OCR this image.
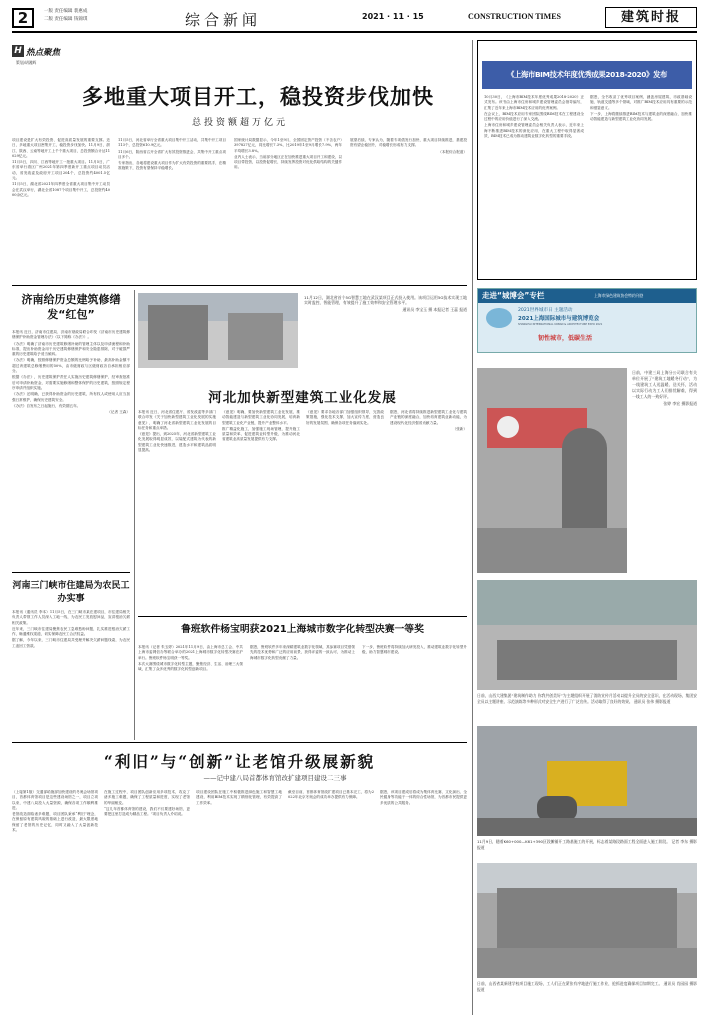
2	一版 责任编辑 裴惠成
二版 责任编辑 钱锦琪	综合新闻	2021 · 11 · 15	CONSTRUCTION TIMES	建筑时报
H 热点聚焦
策划/胡湘辉
多地重大项目开工，稳投资步伐加快
总投资额超万亿元

项目建设是扩大有效投资、促进高质量发展的重要支撑。近日，多地重大项目密集开工，稳投资步伐加快。11月9日，浙江、陕西、云南等地开工上千个重大项目，总投资额合计达11029亿元。

11月5日，四川、江西等地开工一批重大项目。11月5日，广东省举行湾区广州2021年第四季度新开工重点项目动员活动，省发改委及政府开工项目204个，总投资约4001.5亿元。

11月5日，湖北省2021年四季度全省重大项目集中开工动员会在武汉举行，湖北全省1087个项目集中开工，总投资约4000余亿元。

11月5日，河北省举行全省重大项目集中开工活动，共集中开工项目113个，总投资610.9亿元。

11月6日，陕西省召开全省扩大有效投资推进会，共集中开工重点项目多个。

专家指出，各地将建设重大项目作为扩大有效投资的重要抓手，在精准施策下，投资有望保持平稳增长。

国家统计局数据显示，今年1至9月，全国固定资产投资（不含农户）397827亿元，同比增长7.3%，比2019年1至9月增长7.9%，两年平均增长3.8%。

业内人士表示，当前部分地区正在加快推进重大项目开工和建设，以项目带投资，以投资促增长，持续发挥投资对优化供给结构的关键作用。

展望后续，专家认为，随着专项债发行加快、重大项目持续推进，基建投资有望企稳回升，对稳增长形成有力支撑。

（本报综合报道）

《上海市BIM技术年度优秀成果2018-2020》发布

10月30日，《上海市BIM技术年度优秀成果2018-2020》正式发布。该书由上海市住房和城乡建设管理委员会指导编写，汇集了近年来上海市BIM技术应用的优秀案例。

在会议上，BIM技术应用专家团队围绕BIM技术在工程建设全过程中的应用价值进行了深入交流。

上海市住房和城乡建设管理委员会相关负责人表示，近年来上海不断推进BIM技术的深化应用，在重大工程中取得显著成效，BIM技术已成为推动建筑业数字化转型的重要手段。

据悉，全书收录了优秀项目案例，涵盖房屋建筑、市政基础设施、轨道交通等多个领域，对推广BIM技术应用具有重要的示范和借鉴意义。

下一步，上海将继续推进BIM技术与建筑业的深度融合，加快推动智能建造与新型建筑工业化协同发展。

走进“城博会”专栏	上海市绿色建筑协会特约刊登
2021世界城市日 主题活动
2021上海国际城市与建筑博览会
SHANGHAI INTERNATIONAL URBAN & ARCHITECTURE EXPO 2021
韧性城市，低碳生活
济南给历史建筑修缮发“红包”

本报讯 近日，济南市住建局、济南市财政局联合印发《济南市历史建筑修缮保护补助资金管理办法》（以下简称《办法》）。

《办法》明确了济南市历史建筑修缮补助的管理主体以及申请流程和补助标准，提出补助资金用于历史建筑修缮保护和安全隐患排除，对于破损严重的历史建筑给予适当倾斜。

《办法》明确，按照修缮保护资金总额的比例给予补助，最高补助金额不超过该建筑总修缮费用的50%，由市级财政与区级财政各自承担相应部分。

根据《办法》，历史建筑保护责任人实施历史建筑修缮保护，经审查批准后可申请补助资金，对需要实施修缮和整体保护的历史建筑，按照规定程序申请并组织实施。

《办法》还明确，已获得补助资金的历史建筑，所有权人或使用人应当加强日常维护，确保历史建筑安全。

《办法》自发布之日起施行，有效期五年。

（记者 王森）

河南三门峡市住建局为农民工办实事

本报讯（通讯员 李本）11月5日，在三门峡市某在建项目，市住建局相关负责人带领工作人员深入工地一线，为农民工发放慰问品，宣讲根治欠薪相关政策。

近年来，三门峡市住建局聚焦农民工急难愁盼问题，扎实推进根治欠薪工作，畅通维权渠道，切实保障农民工合法权益。

据了解，今年以来，三门峡市住建局共受理并解决欠薪问题线索，为农民工追回工资款。

11月12日，湖北省首个5G智慧工地在武汉某项目正式投入使用。该项目运用5G技术实现工地实时监控、智能管理，有效提升了施工效率和安全管理水平。

通讯员 李宝玉 摄 本报记者 王蕊 报道

河北加快新型建筑工业化发展

本报讯 近日，河北省住建厅、省发改委等多部门联合印发《关于加快新型建筑工业化发展的实施意见》，明确了河北省新型建筑工业化发展的目标任务和重点举措。

《意见》提出，到2025年，河北省新型建筑工业化发展取得明显成效，以装配式建筑为代表的新型建筑工业化快速推进，建造水平和建筑品质明显提高。

《意见》明确，要加快新型建筑工业化发展，推动智能建造与新型建筑工业化协同发展，培育新型建筑工业化产业链，提升产业整体水平。

推广精益化施工，加强施工现场管理，提升施工质量和效率，促进建筑业转型升级，为推动河北省建筑业高质量发展提供有力支撑。

《意见》要求各地各部门加强组织领导，完善政策措施，强化技术支撑，加大宣传力度，营造良好的发展氛围，确保各项任务落到实处。

据悉，河北省将持续推进新型建筑工业化与建筑产业链的深度融合，加快培育建筑业新动能，为建设现代化经济强省贡献力量。

（张新）

鲁班软件杨宝明获2021上海城市数字化转型决赛一等奖

本报讯（记者 朱玉婷）2021年11月9日，由上海市总工会、中共上海市委网信办等联合举办的2021上海城市数字化转型决赛在沪举行。鲁班软件杨宝明获一等奖。

本次大赛围绕城市数字化转型主题，聚焦经济、生活、治理三大领域，汇集了众多优秀的数字化转型创新项目。

据悉，鲁班软件多年来深耕建筑业数字化领域，其参赛项目凭借领先的技术优势和广泛的应用前景，获得评委的一致认可，为推动上海城市数字化转型贡献了力量。

下一步，鲁班软件将持续加大研发投入，推动建筑业数字化转型升级，助力智慧城市建设。

日前，中建三局上海分公司联合有关单位开展了“建筑工地暖冬行动”，为一线建筑工人送温暖、送关怀，活动以实际行动为工人们排忧解难，得到一线工人的一致好评。

张婷 李宏 摄影报道

日前，山西大建集团“建筑制作助力 你我共创美好”为主题组织开展了消防宣传月活动以提升全员的安全意识，在活动现场，集团安全员以主题讲座、示范演练等多种形式对安全生产进行了广泛宣传。活动取得了良好的效果。 通讯员 张伟 摄影报道

11月9日，随着K60+000—K61+390区段摊铺开工路基施工的开展，标志着某路段路面工程全面进入施工阶段。 记者 李东 摄影报道

“利旧”与“创新”让老馆升级展新貌
——记中建八局首都体育馆改扩建项目建设二三事

（上接第1版）交通部给施部加快建设的冬奥会场馆项目，首都体育馆项目是这些建设场馆之一，项目立项以来，中建八局投入大量资源，确保各项工作顺利推进。

老馆改造面临诸多难题，项目团队秉承“利旧”理念，在保留原有建筑风貌的基础上进行改造，最大限度地保留了老馆的历史记忆，同时又融入了大量创新技术。

在施工过程中，项目团队创新应用多项技术，攻克了诸多施工难题，确保了工程质量和进度，实现了老馆的华丽蜕变。

“这几年首都体育馆的建设，我们不仅要建好场馆，更要把这里打造成为精品工程。”项目负责人介绍说。

项目建设团队在施工中积极推进绿色施工和智慧工地建设，利用BIM技术实现了精细化管理，有效提高了工作效率。

截至目前，首都体育馆改扩建项目已基本完工，将为2022年北京冬奥会的成功举办提供有力保障。

据悉，该项目建成后将成为集体育比赛、文化演出、全民健身等功能于一体的综合性场馆，为首都市民提供更多优质的公共服务。

日前，山西省某新建学校项目施工现场，工人们正在紧张有序地进行施工作业，抢抓进度确保项目如期完工。 通讯员 肖园园 摄影报道
